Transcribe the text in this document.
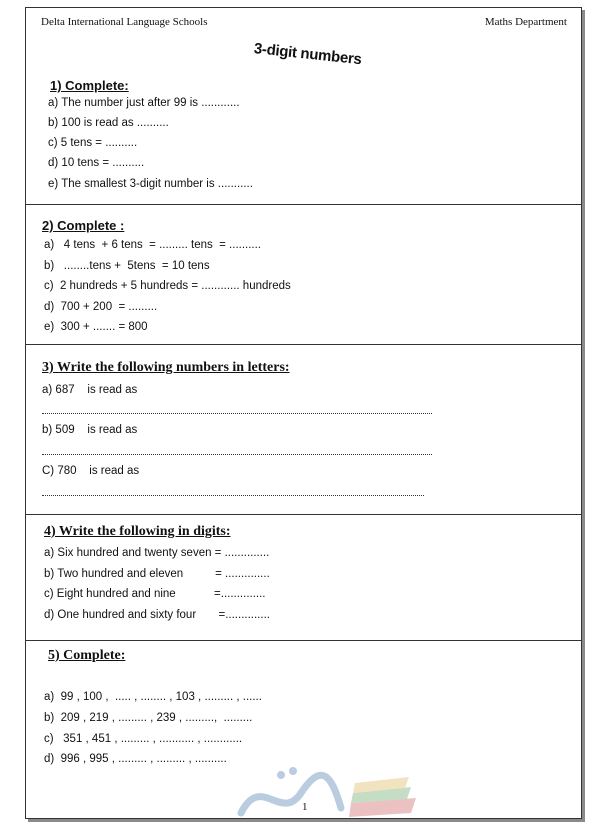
Delta International Language Schools	Maths Department
3-digit numbers
1) Complete:
a) The number just after 99 is ............
b) 100 is read as ..........
c) 5 tens = ..........
d) 10 tens = ..........
e) The smallest 3-digit number is ...........
2) Complete :
a)   4 tens  + 6 tens  = ......... tens  = ..........
b)   ........tens +  5tens  = 10 tens
c)  2 hundreds + 5 hundreds = ............ hundreds
d)  700 + 200  = .........
e)  300 + ....... = 800
3) Write the following numbers in letters:
a) 687    is read as
b) 509    is read as
C) 780    is read as
4) Write the following in digits:
a) Six hundred and twenty seven = ..............
b) Two hundred and eleven          = ..............
c) Eight hundred and nine            =..............
d) One hundred and sixty four       =..............
5) Complete:
a)  99 , 100 ,  ..... , ........ , 103 , ......... , ......
b)  209 , 219 , ......... , 239 , .........,  .........
c)   351 , 451 , ......... , ........... , ............
d)  996 , 995 , ......... , ......... , ..........
1
